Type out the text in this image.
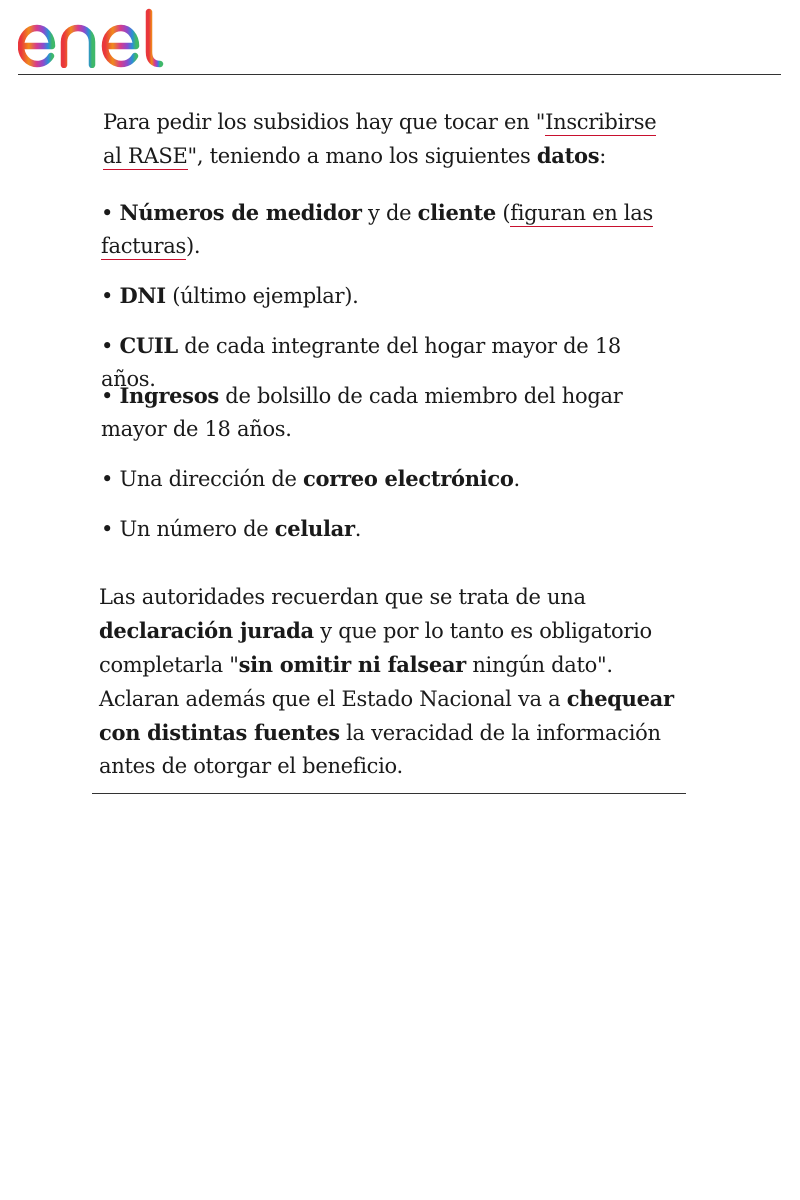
Para pedir los subsidios hay que tocar en "Inscribirse al RASE", teniendo a mano los siguientes datos:

• Números de medidor y de cliente (figuran en las facturas).

• DNI (último ejemplar).

• CUIL de cada integrante del hogar mayor de 18 años.

• Ingresos de bolsillo de cada miembro del hogar mayor de 18 años.

• Una dirección de correo electrónico.

• Un número de celular.

Las autoridades recuerdan que se trata de una declaración jurada y que por lo tanto es obligatorio completarla "sin omitir ni falsear ningún dato". Aclaran además que el Estado Nacional va a chequear con distintas fuentes la veracidad de la información antes de otorgar el beneficio.
